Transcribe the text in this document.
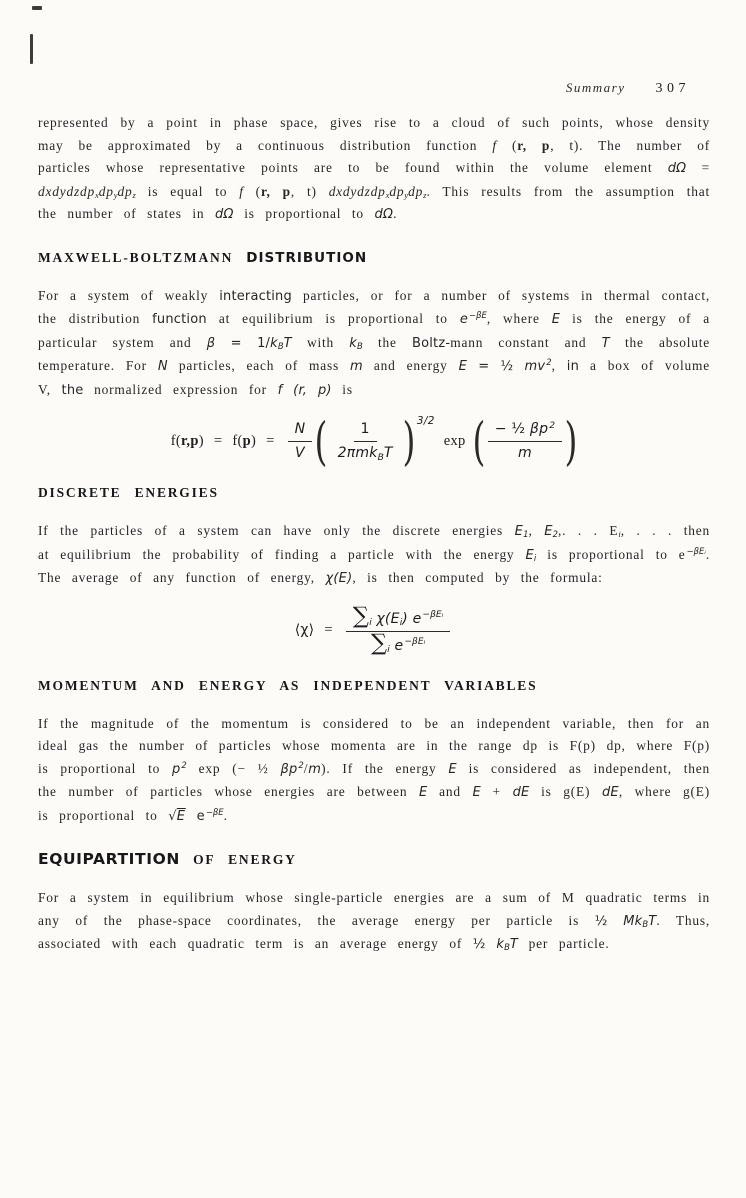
Summary 307

represented by a point in phase space, gives rise to a cloud of such points, whose density may be approximated by a continuous distribution function f (r, p, t). The number of particles whose representative points are to be found within the volume element $d\Omega = dxdydzdp_xdp_ydp_z$ is equal to f (r, p, t) $dxdydzdp_xdp_ydp_z$. This results from the assumption that the number of states in dΩ is proportional to dΩ.

MAXWELL-BOLTZMANN DISTRIBUTION

For a system of weakly interacting particles, or for a number of systems in thermal contact, the distribution function at equilibrium is proportional to $e^{-\beta E}$, where E is the energy of a particular system and $\beta = 1/k_BT$ with $k_B$ the Boltz-mann constant and T the absolute temperature. For N particles, each of mass m and energy E = ½ $mv^2$, in a box of volume V, the normalized expression for f (r, p) is

$f(r,p) = f(p) = \frac{N}{V}$ ( $\frac{1}{2\pi mk_BT}$ ) 3/2
exp ( $\frac{- \frac{1}{2} \beta p^2}{m}$ )
DISCRETE ENERGIES

If the particles of a system can have only the discrete energies $E_1$, $E_2$,. . . $E_i$, . . . then at equilibrium the probability of finding a particle with the energy $E_i$ is proportional to $e^{-\beta Eᵢ}$. The average of any function of energy, χ(E), is then computed by the formula:

⟨χ⟩ = $\frac{\sum_i \chi(E_i) e^{-\beta Eᵢ}}{\sum_i e^{-\beta Eᵢ}}$
MOMENTUM AND ENERGY AS INDEPENDENT VARIABLES

If the magnitude of the momentum is considered to be an independent variable, then for an ideal gas the number of particles whose momenta are in the range dp is F(p) dp, where F(p) is proportional to $p^2$ exp (− ½ $\beta p^2/m$). If the energy E is considered as independent, then the number of particles whose energies are between E and E + dE is g(E) dE, where g(E) is proportional to √E $e^{-\beta E}$.

EQUIPARTITION OF ENERGY

For a system in equilibrium whose single-particle energies are a sum of M quadratic terms in any of the phase-space coordinates, the average energy per particle is ½ $Mk_BT$. Thus, associated with each quadratic term is an average energy of ½ $k_BT$ per particle.
